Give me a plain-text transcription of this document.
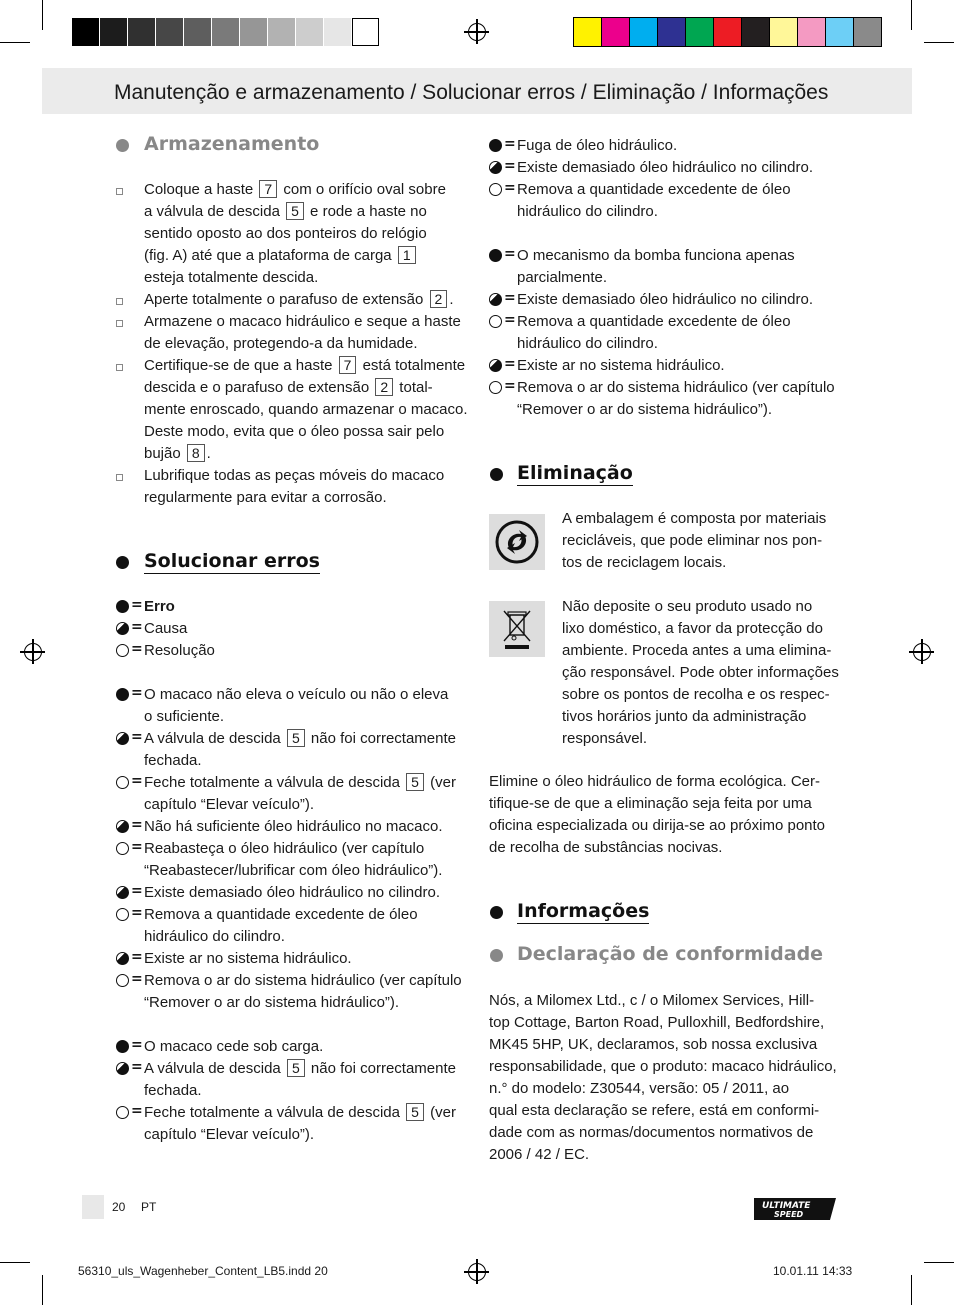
Manutenção e armazenamento / Solucionar erros / Eliminação / Informações
Armazenamento
Coloque a haste 7 com o orifício oval sobre
a válvula de descida 5 e rode a haste no
sentido oposto ao dos ponteiros do relógio
(fig. A) até que a plataforma de carga 1
esteja totalmente descida.
Aperte totalmente o parafuso de extensão 2 .
Armazene o macaco hidráulico e seque a haste
de elevação, protegendo-a da humidade.
Certifique-se de que a haste 7 está totalmente
descida e o parafuso de extensão 2 total-
mente enroscado, quando armazenar o macaco.
Deste modo, evita que o óleo possa sair pelo
bujão 8 .
Lubrifique todas as peças móveis do macaco
regularmente para evitar a corrosão.
Solucionar erros
= Erro
= Causa
= Resolução
= O macaco não eleva o veículo ou não o eleva
o suficiente.
= A válvula de descida 5 não foi correctamente
fechada.
= Feche totalmente a válvula de descida 5 (ver
capítulo “Elevar veículo”).
= Não há suficiente óleo hidráulico no macaco.
= Reabasteça o óleo hidráulico (ver capítulo
“Reabastecer/lubrificar com óleo hidráulico”).
= Existe demasiado óleo hidráulico no cilindro.
= Remova a quantidade excedente de óleo
hidráulico do cilindro.
= Existe ar no sistema hidráulico.
= Remova o ar do sistema hidráulico (ver capítulo
“Remover o ar do sistema hidráulico”).
= O macaco cede sob carga.
= A válvula de descida 5 não foi correctamente
fechada.
= Feche totalmente a válvula de descida 5 (ver
capítulo “Elevar veículo”).
= Fuga de óleo hidráulico.
= Existe demasiado óleo hidráulico no cilindro.
= Remova a quantidade excedente de óleo
hidráulico do cilindro.
= O mecanismo da bomba funciona apenas
parcialmente.
= Existe demasiado óleo hidráulico no cilindro.
= Remova a quantidade excedente de óleo
hidráulico do cilindro.
= Existe ar no sistema hidráulico.
= Remova o ar do sistema hidráulico (ver capítulo
“Remover o ar do sistema hidráulico”).
Eliminação
A embalagem é composta por materiais
recicláveis, que pode eliminar nos pon-
tos de reciclagem locais.
Não deposite o seu produto usado no
lixo doméstico, a favor da protecção do
ambiente. Proceda antes a uma elimina-
ção responsável. Pode obter informações
sobre os pontos de recolha e os respec-
tivos horários junto da administração
responsável.
Elimine o óleo hidráulico de forma ecológica. Cer-
tifique-se de que a eliminação seja feita por uma
oficina especializada ou dirija-se ao próximo ponto
de recolha de substâncias nocivas.
Informações
Declaração de conformidade
Nós, a Milomex Ltd., c / o Milomex Services, Hill-
top Cottage, Barton Road, Pulloxhill, Bedfordshire,
MK45 5HP, UK, declaramos, sob nossa exclusiva
responsabilidade, que o produto: macaco hidráulico,
n.° do modelo: Z30544, versão: 05 / 2011, ao
qual esta declaração se refere, está em conformi-
dade com as normas/documentos normativos de
2006 / 42 / EC.
20 PT	ULTIMATE
SPEED
56310_uls_Wagenheber_Content_LB5.indd 20	10.01.11 14:33
